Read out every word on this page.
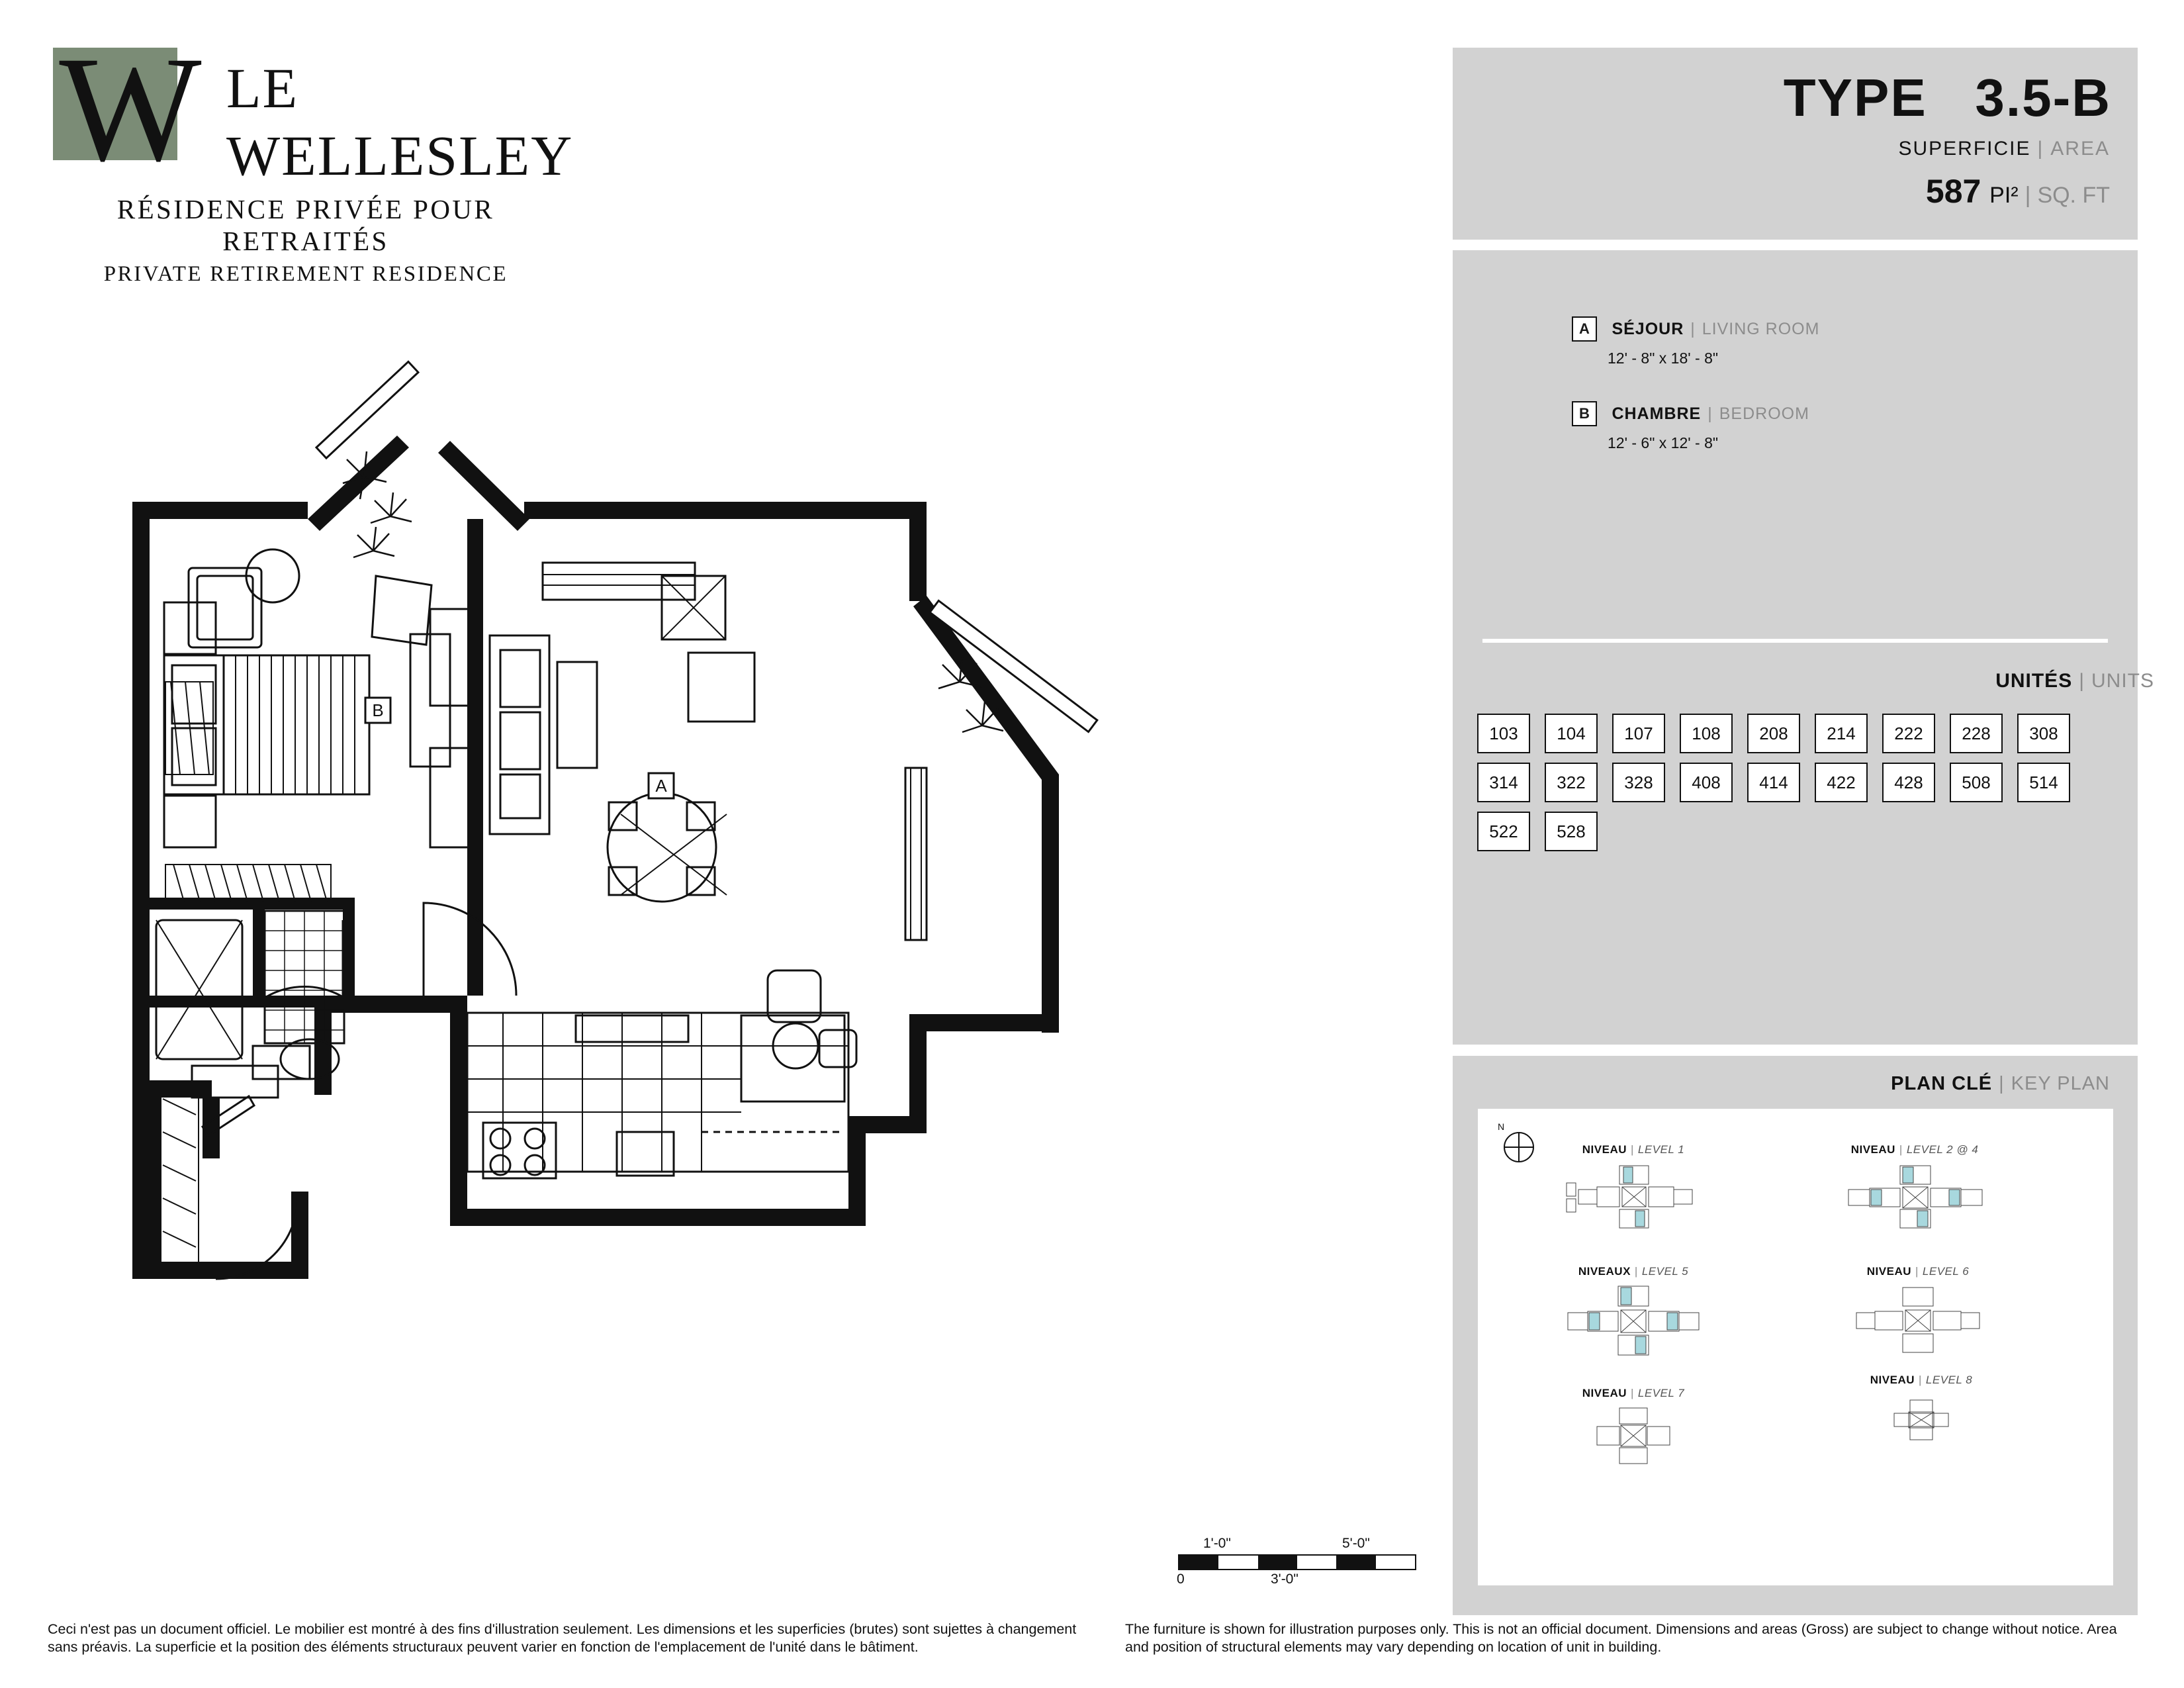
W LE
WELLESLEY
RÉSIDENCE PRIVÉE POUR RETRAITÉS
PRIVATE RETIREMENT RESIDENCE
TYPE 3.5-B
SUPERFICIE | AREA
587 PI² | SQ. FT
A SÉJOUR | LIVING ROOM
12' - 8" x 18' - 8"
B CHAMBRE | BEDROOM
12' - 6" x 12' - 8"
UNITÉS | UNITS
103	104	107	108	208	214	222	228	308
314	322	328	408	414	422	428	508	514
522	528
PLAN CLÉ | KEY PLAN
N
NIVEAU | LEVEL 1	NIVEAU | LEVEL 2 @ 4
NIVEAUX | LEVEL 5	NIVEAU | LEVEL 6
NIVEAU | LEVEL 7
NIVEAU | LEVEL 8
B
A
1'-0"	5'-0"
0	3'-0"
Ceci n'est pas un document officiel. Le mobilier est montré à des fins d'illustration seulement. Les dimensions et les superficies (brutes) sont sujettes à changement sans préavis. La superficie et la position des éléments structuraux peuvent varier en fonction de l'emplacement de l'unité dans le bâtiment.
The furniture is shown for illustration purposes only. This is not an official document. Dimensions and areas (Gross) are subject to change without notice. Area and position of structural elements may vary depending on location of unit in building.
